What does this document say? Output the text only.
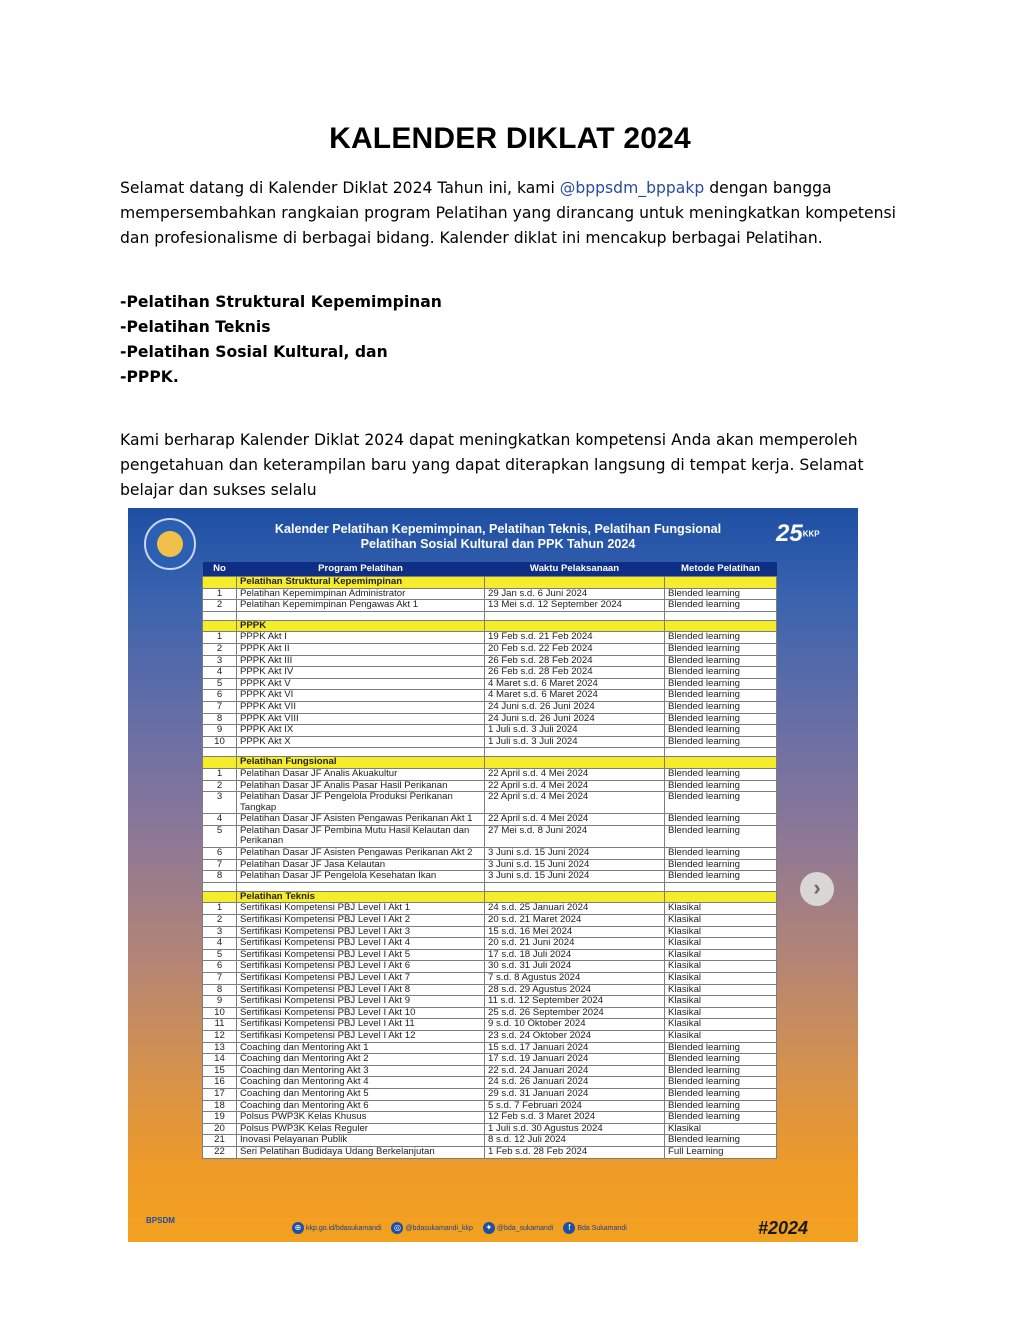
KALENDER DIKLAT 2024

Selamat datang di Kalender Diklat 2024 Tahun ini, kami @bppsdm_bppakp dengan bangga mempersembahkan rangkaian program Pelatihan yang dirancang untuk meningkatkan kompetensi dan profesionalisme di berbagai bidang. Kalender diklat ini mencakup berbagai Pelatihan.

-Pelatihan Struktural Kepemimpinan
-Pelatihan Teknis
-Pelatihan Sosial Kultural, dan
-PPPK.

Kami berharap Kalender Diklat 2024 dapat meningkatkan kompetensi Anda akan memperoleh pengetahuan dan keterampilan baru yang dapat diterapkan langsung di tempat kerja. Selamat belajar dan sukses selalu

Kalender Pelatihan Kepemimpinan, Pelatihan Teknis, Pelatihan Fungsional
Pelatihan Sosial Kultural dan PPK Tahun 2024	25KKP
No	Program Pelatihan	Waktu Pelaksanaan	Metode Pelatihan
	Pelatihan Struktural Kepemimpinan		
1	Pelatihan Kepemimpinan Administrator	29 Jan s.d. 6 Juni 2024	Blended learning
2	Pelatihan Kepemimpinan Pengawas Akt 1	13 Mei s.d. 12 September 2024	Blended learning

	PPPK		
1	PPPK Akt I	19 Feb s.d. 21 Feb 2024	Blended learning
2	PPPK Akt II	20 Feb s.d. 22 Feb 2024	Blended learning
3	PPPK Akt III	26 Feb s.d. 28 Feb 2024	Blended learning
4	PPPK Akt IV	26 Feb s.d. 28 Feb 2024	Blended learning
5	PPPK Akt V	4 Maret s.d. 6 Maret 2024	Blended learning
6	PPPK Akt VI	4 Maret s.d. 6 Maret 2024	Blended learning
7	PPPK Akt VII	24 Juni s.d. 26 Juni 2024	Blended learning
8	PPPK Akt VIII	24 Juni s.d. 26 Juni 2024	Blended learning
9	PPPK Akt IX	1 Juli s.d. 3 Juli 2024	Blended learning
10	PPPK Akt X	1 Juli s.d. 3 Juli 2024	Blended learning

	Pelatihan Fungsional		
1	Pelatihan Dasar JF Analis Akuakultur	22 April s.d. 4 Mei 2024	Blended learning
2	Pelatihan Dasar JF Analis Pasar Hasil Perikanan	22 April s.d. 4 Mei 2024	Blended learning
3	Pelatihan Dasar JF Pengelola Produksi Perikanan Tangkap	22 April s.d. 4 Mei 2024	Blended learning
4	Pelatihan Dasar JF Asisten Pengawas Perikanan Akt 1	22 April s.d. 4 Mei 2024	Blended learning
5	Pelatihan Dasar JF Pembina Mutu Hasil Kelautan dan Perikanan	27 Mei s.d. 8 Juni 2024	Blended learning
6	Pelatihan Dasar JF Asisten Pengawas Perikanan Akt 2	3 Juni s.d. 15 Juni 2024	Blended learning
7	Pelatihan Dasar JF Jasa Kelautan	3 Juni s.d. 15 Juni 2024	Blended learning
8	Pelatihan Dasar JF Pengelola Kesehatan Ikan	3 Juni s.d. 15 Juni 2024	Blended learning

	Pelatihan Teknis		
1	Sertifikasi Kompetensi PBJ Level I Akt 1	24 s.d. 25 Januari 2024	Klasikal
2	Sertifikasi Kompetensi PBJ Level I Akt 2	20 s.d. 21 Maret 2024	Klasikal
3	Sertifikasi Kompetensi PBJ Level I Akt 3	15 s.d. 16 Mei 2024	Klasikal
4	Sertifikasi Kompetensi PBJ Level I Akt 4	20 s.d. 21 Juni 2024	Klasikal
5	Sertifikasi Kompetensi PBJ Level I Akt 5	17 s.d. 18 Juli 2024	Klasikal
6	Sertifikasi Kompetensi PBJ Level I Akt 6	30 s.d. 31 Juli 2024	Klasikal
7	Sertifikasi Kompetensi PBJ Level I Akt 7	7 s.d. 8 Agustus 2024	Klasikal
8	Sertifikasi Kompetensi PBJ Level I Akt 8	28 s.d. 29 Agustus 2024	Klasikal
9	Sertifikasi Kompetensi PBJ Level I Akt 9	11 s.d. 12 September 2024	Klasikal
10	Sertifikasi Kompetensi PBJ Level I Akt 10	25 s.d. 26 September 2024	Klasikal
11	Sertifikasi Kompetensi PBJ Level I Akt 11	9 s.d. 10 Oktober 2024	Klasikal
12	Sertifikasi Kompetensi PBJ Level I Akt 12	23 s.d. 24 Oktober 2024	Klasikal
13	Coaching dan Mentoring Akt 1	15 s.d. 17 Januari 2024	Blended learning
14	Coaching dan Mentoring Akt 2	17 s.d. 19 Januari 2024	Blended learning
15	Coaching dan Mentoring Akt 3	22 s.d. 24 Januari 2024	Blended learning
16	Coaching dan Mentoring Akt 4	24 s.d. 26 Januari 2024	Blended learning
17	Coaching dan Mentoring Akt 5	29 s.d. 31 Januari 2024	Blended learning
18	Coaching dan Mentoring Akt 6	5 s.d. 7 Februari 2024	Blended learning
19	Polsus PWP3K Kelas Khusus	12 Feb s.d. 3 Maret 2024	Blended learning
20	Polsus PWP3K Kelas Reguler	1 Juli s.d. 30 Agustus 2024	Klasikal
21	Inovasi Pelayanan Publik	8 s.d. 12 Juli 2024	Blended learning
22	Seri Pelatihan Budidaya Udang Berkelanjutan	1 Feb s.d. 28 Feb 2024	Full Learning
›
BPSDM
⊕ kkp.go.id/bdasukamandi ◎ @bdasukamandi_kkp ✦ @bda_sukamandi f Bda Sukamandi	#2024
